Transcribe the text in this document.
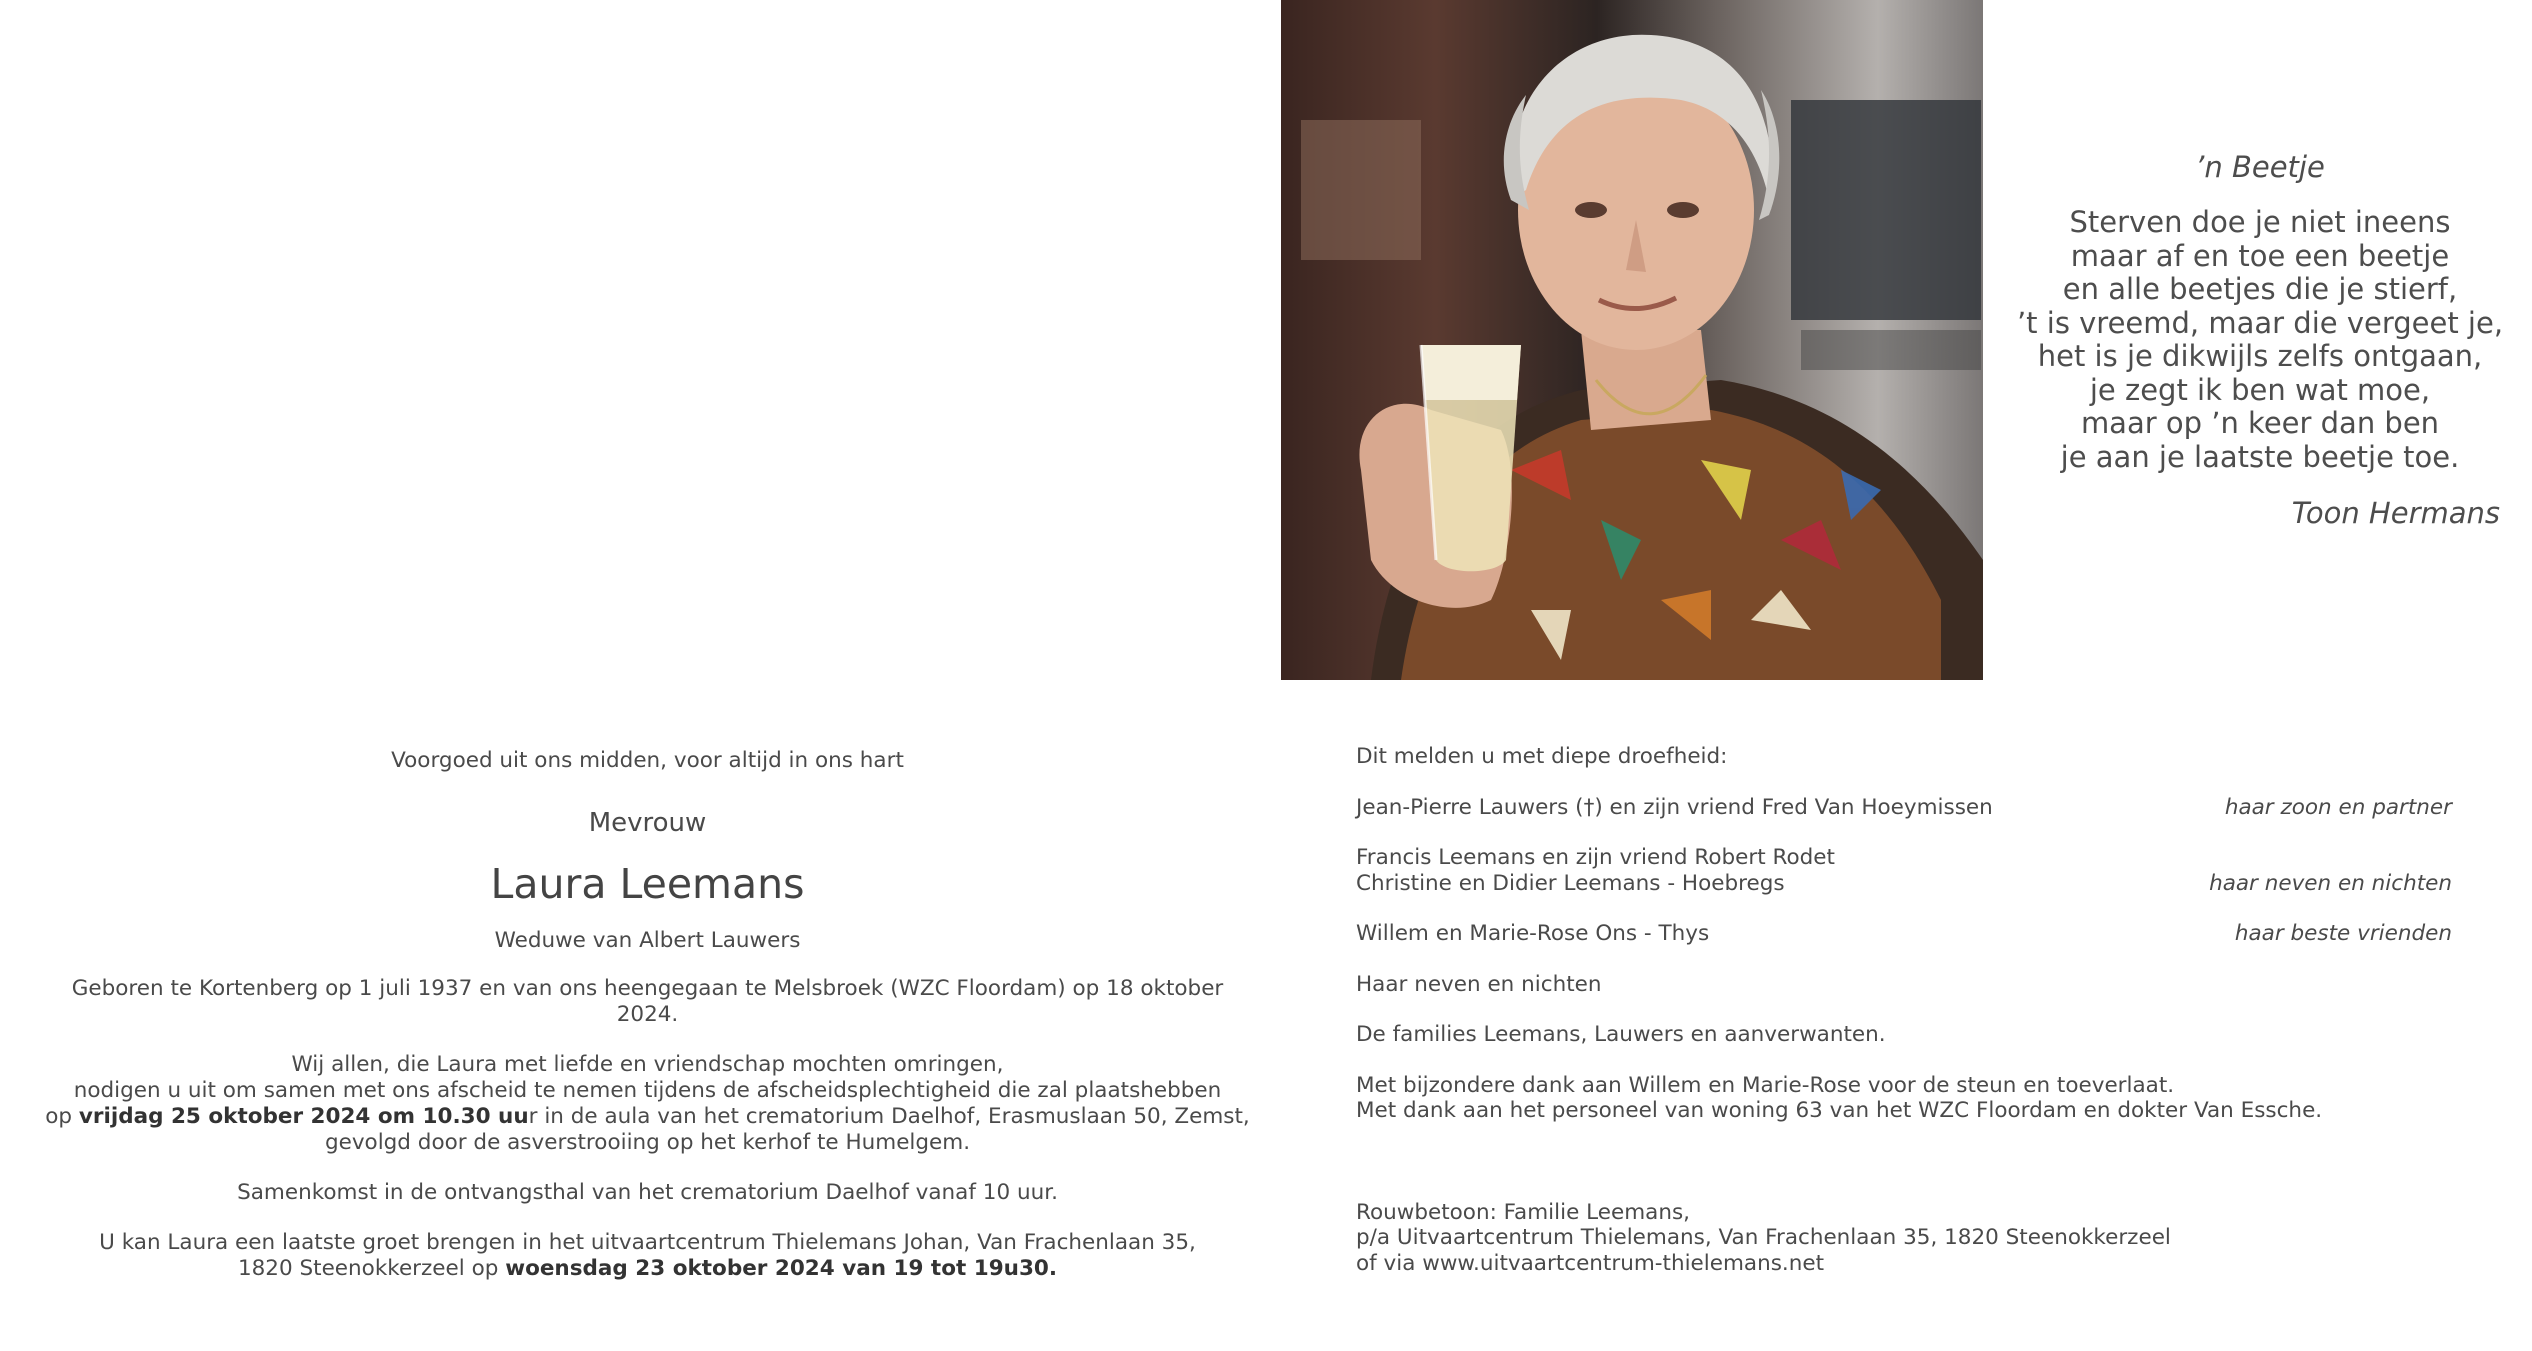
’n Beetje
Sterven doe je niet ineens
maar af en toe een beetje
en alle beetjes die je stierf,
’t is vreemd, maar die vergeet je,
het is je dikwijls zelfs ontgaan,
je zegt ik ben wat moe,
maar op ’n keer dan ben
je aan je laatste beetje toe.
Toon Hermans
Voorgoed uit ons midden, voor altijd in ons hart
Mevrouw
Laura Leemans
Weduwe van Albert Lauwers
Geboren te Kortenberg op 1 juli 1937 en van ons heengegaan te Melsbroek (WZC Floordam) op 18 oktober 2024.
Wij allen, die Laura met liefde en vriendschap mochten omringen,
nodigen u uit om samen met ons afscheid te nemen tijdens de afscheidsplechtigheid die zal plaatshebben
op vrijdag 25 oktober 2024 om 10.30 uur in de aula van het crematorium Daelhof, Erasmuslaan 50, Zemst,
gevolgd door de asverstrooiing op het kerhof te Humelgem.
Samenkomst in de ontvangsthal van het crematorium Daelhof vanaf 10 uur.
U kan Laura een laatste groet brengen in het uitvaartcentrum Thielemans Johan, Van Frachenlaan 35,
1820 Steenokkerzeel op woensdag 23 oktober 2024 van 19 tot 19u30.
Dit melden u met diepe droefheid:
Jean-Pierre Lauwers (†) en zijn vriend Fred Van Hoeymissen	haar zoon en partner
Francis Leemans en zijn vriend Robert Rodet
Christine en Didier Leemans - Hoebregs	haar neven en nichten
Willem en Marie-Rose Ons - Thys	haar beste vrienden
Haar neven en nichten
De families Leemans, Lauwers en aanverwanten.
Met bijzondere dank aan Willem en Marie-Rose voor de steun en toeverlaat.
Met dank aan het personeel van woning 63 van het WZC Floordam en dokter Van Essche.
Rouwbetoon: Familie Leemans,
p/a Uitvaartcentrum Thielemans, Van Frachenlaan 35, 1820 Steenokkerzeel
of via www.uitvaartcentrum-thielemans.net
